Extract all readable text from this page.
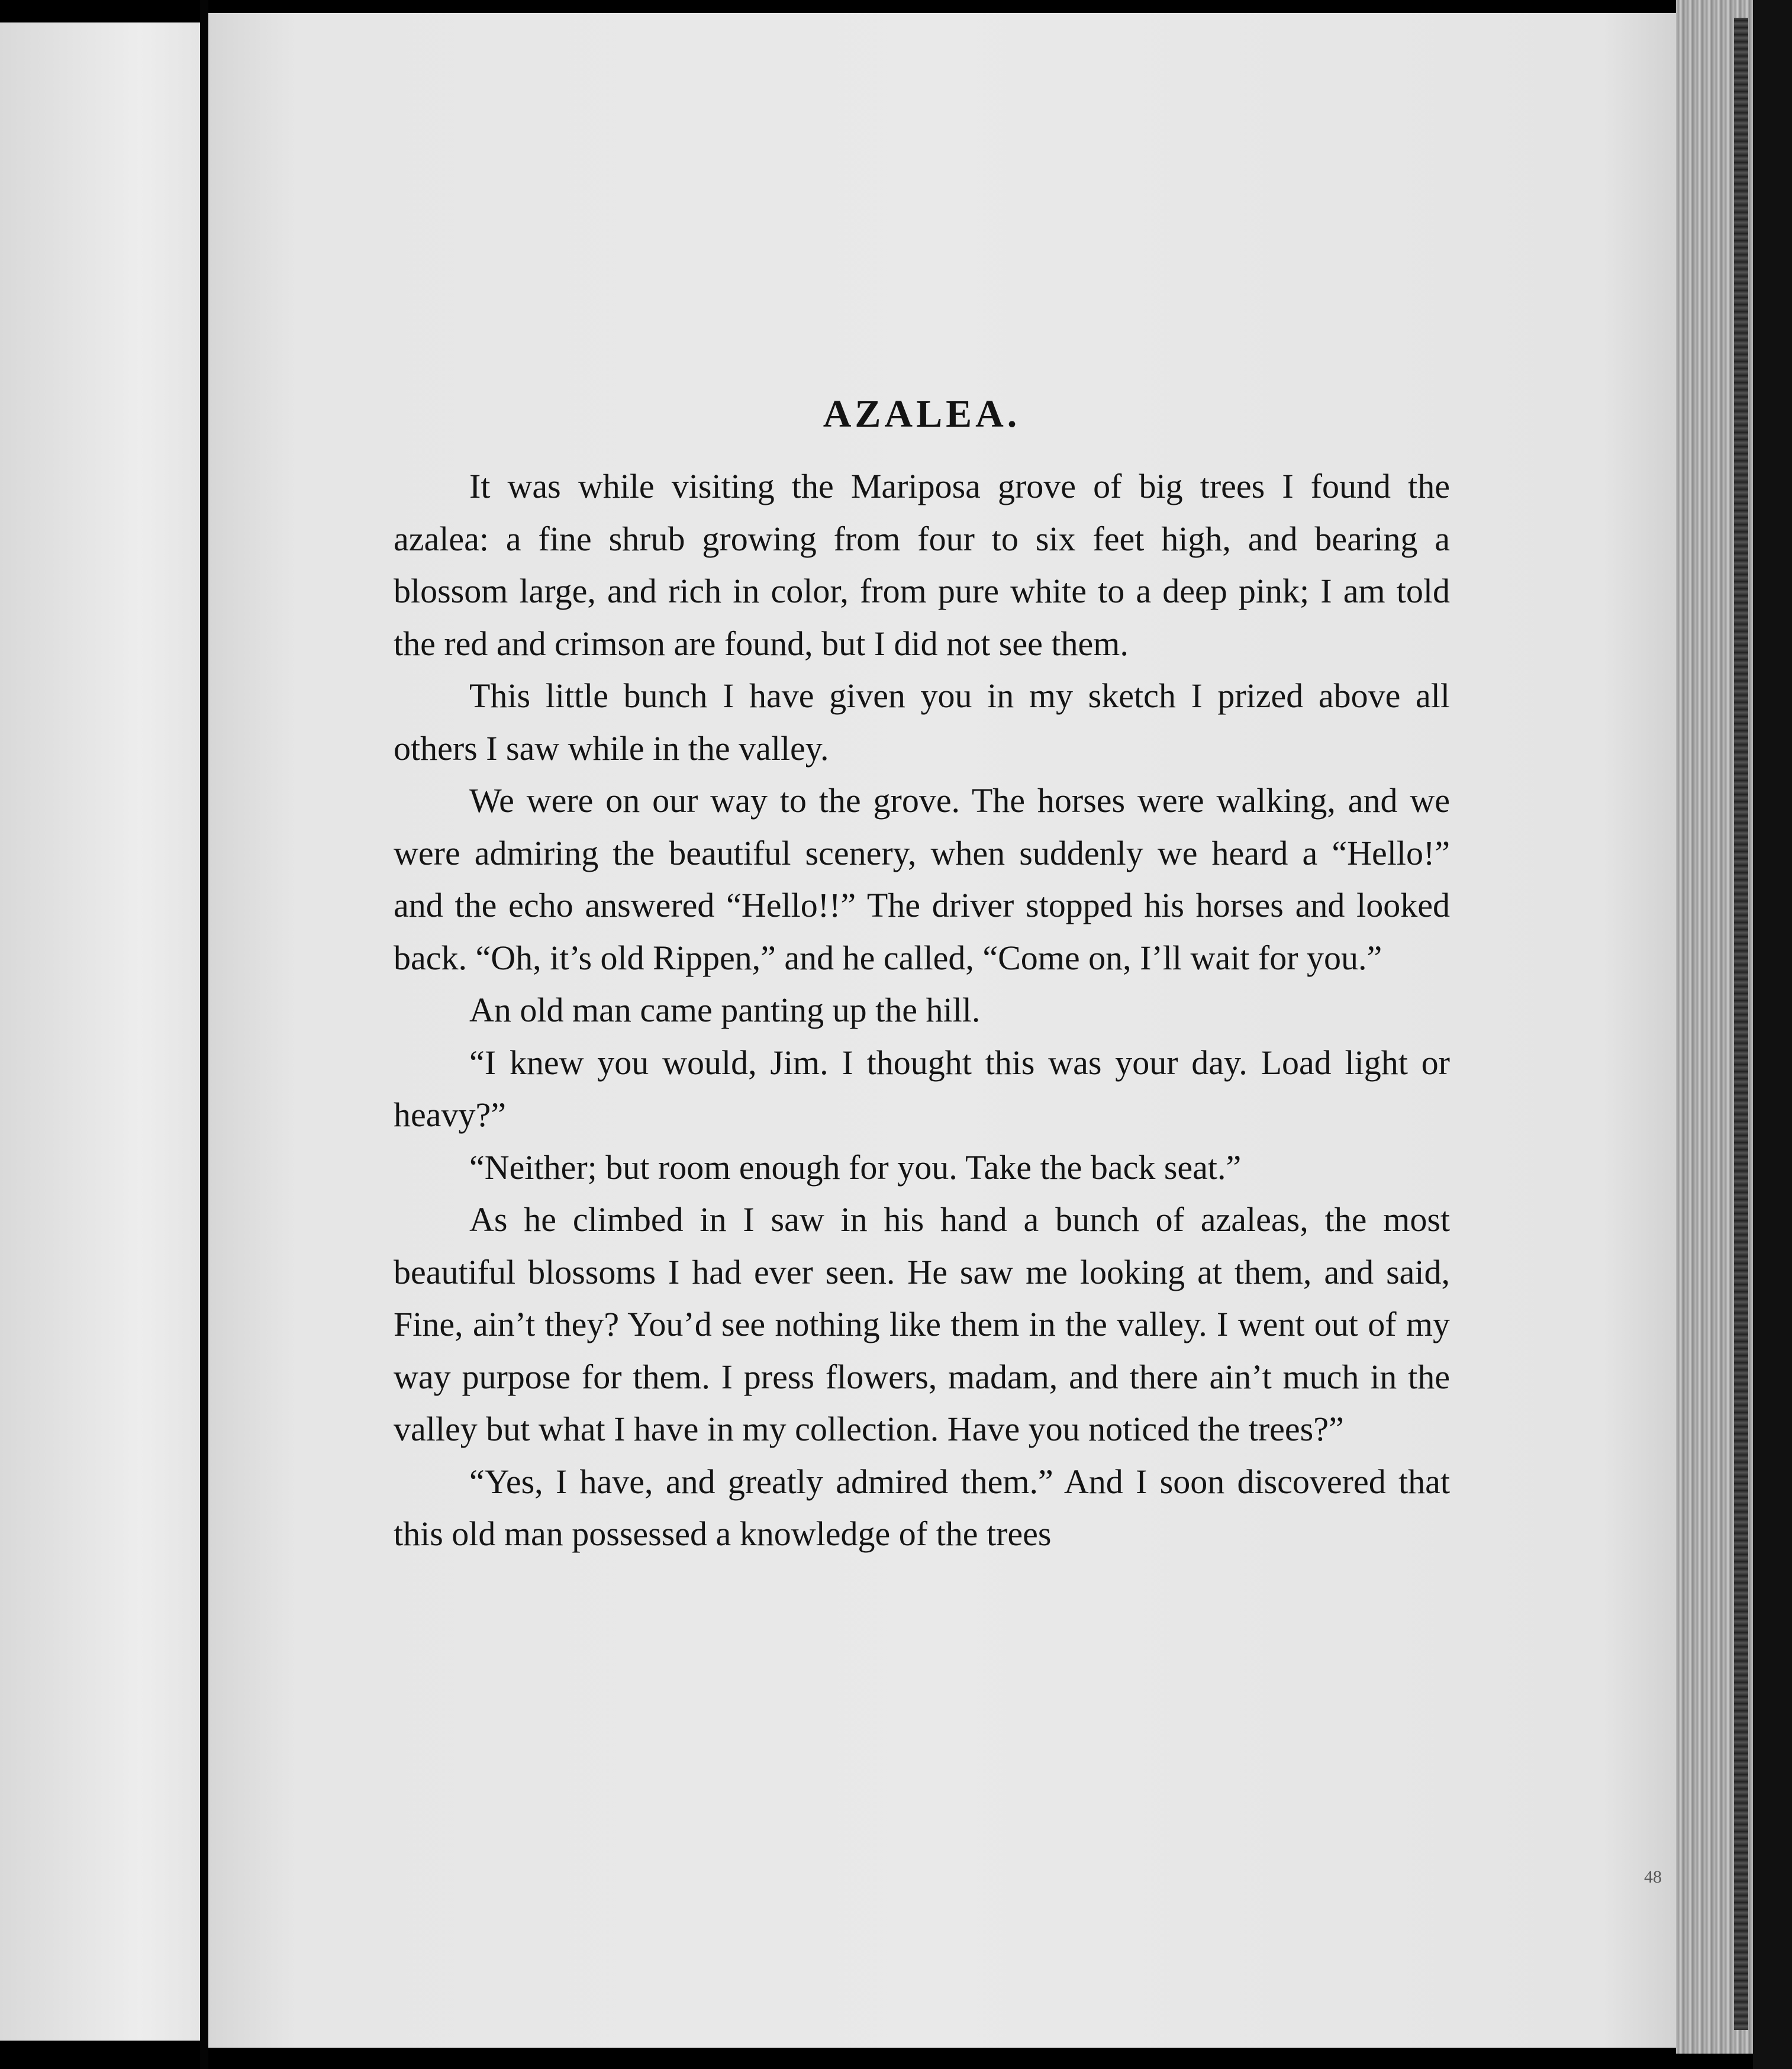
AZALEA.

It was while visiting the Mariposa grove of big trees I found the azalea: a fine shrub growing from four to six feet high, and bearing a blossom large, and rich in color, from pure white to a deep pink; I am told the red and crimson are found, but I did not see them.

This little bunch I have given you in my sketch I prized above all others I saw while in the valley.

We were on our way to the grove. The horses were walking, and we were admiring the beautiful scenery, when suddenly we heard a “Hello!” and the echo answered “Hello!!” The driver stopped his horses and looked back. “Oh, it’s old Rippen,” and he called, “Come on, I’ll wait for you.”

An old man came panting up the hill.

“I knew you would, Jim. I thought this was your day. Load light or heavy?”

“Neither; but room enough for you. Take the back seat.”

As he climbed in I saw in his hand a bunch of azaleas, the most beautiful blossoms I had ever seen. He saw me looking at them, and said, Fine, ain’t they? You’d see nothing like them in the valley. I went out of my way purpose for them. I press flowers, madam, and there ain’t much in the valley but what I have in my collection. Have you noticed the trees?”

“Yes, I have, and greatly admired them.” And I soon discovered that this old man possessed a knowledge of the trees

48
